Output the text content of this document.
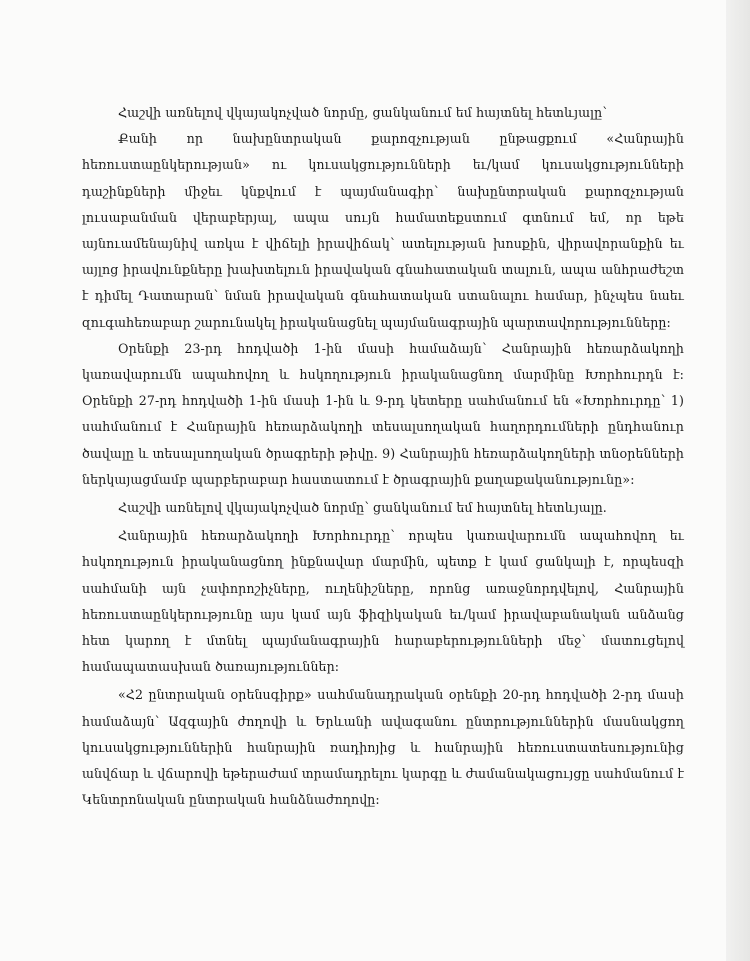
Հաշվի առնելով վկայակոչված նորմը, ցանկանում եմ հայտնել հետևյալը՝

Քանի որ նախընտրական քարոզչության ընթացքում «Հանրային հեռուստաընկերության» ու կուսակցությունների եւ/կամ կուսակցությունների դաշինքների միջեւ կնքվում է պայմանագիր՝ նախընտրական քարոզչության լուսաբանման վերաբերյալ, ապա սույն համատեքստում գտնում եմ, որ եթե այնուամենայնիվ առկա է վիճելի իրավիճակ՝ ատելության խոսքին, վիրավորանքին եւ այլոց իրավունքները խախտելուն իրավական գնահատական տալուն, ապա անհրաժեշտ է դիմել Դատարան՝ նման իրավական գնահատական ստանալու համար, ինչպես նաեւ զուգահեռաբար շարունակել իրականացնել պայմանագրային պարտավորությունները:

Օրենքի 23-րդ հոդվածի 1-ին մասի համաձայն՝ Հանրային հեռարձակողի կառավարումն ապահովող և հսկողություն իրականացնող մարմինը Խորհուրդն է: Օրենքի 27-րդ հոդվածի 1-ին մասի 1-ին և 9-րդ կետերը սահմանում են «Խորհուրդը՝ 1) սահմանում է Հանրային հեռարձակողի տեսալսողական հաղորդումների ընդհանուր ծավալը և տեսալսողական ծրագրերի թիվը. 9) Հանրային հեռարձակողների տնօրենների ներկայացմամբ պարբերաբար հաստատում է ծրագրային քաղաքականությունը»:

Հաշվի առնելով վկայակոչված նորմը՝ ցանկանում եմ հայտնել հետևյալը.

Հանրային հեռարձակողի Խորհուրդը՝ որպես կառավարումն ապահովող եւ հսկողություն իրականացնող ինքնավար մարմին, պետք է կամ ցանկալի է, որպեսզի սահմանի այն չափորոշիչները, ուղենիշները, որոնց առաջնորդվելով, Հանրային հեռուստաընկերությունը այս կամ այն ֆիզիկական եւ/կամ իրավաբանական անձանց հետ կարող է մտնել պայմանագրային հարաբերությունների մեջ՝ մատուցելով համապատասխան ծառայություններ:

«Հ2 ընտրական օրենսգիրք» սահմանադրական օրենքի 20-րդ հոդվածի 2-րդ մասի համաձայն՝ Ազգային ժողովի և Երևանի ավագանու ընտրություններին մասնակցող կուսակցություններին հանրային ռադիոյից և հանրային հեռուստատեսությունից անվճար և վճարովի եթերաժամ տրամադրելու կարգը և ժամանակացույցը սահմանում է Կենտրոնական ընտրական հանձնաժողովը:
